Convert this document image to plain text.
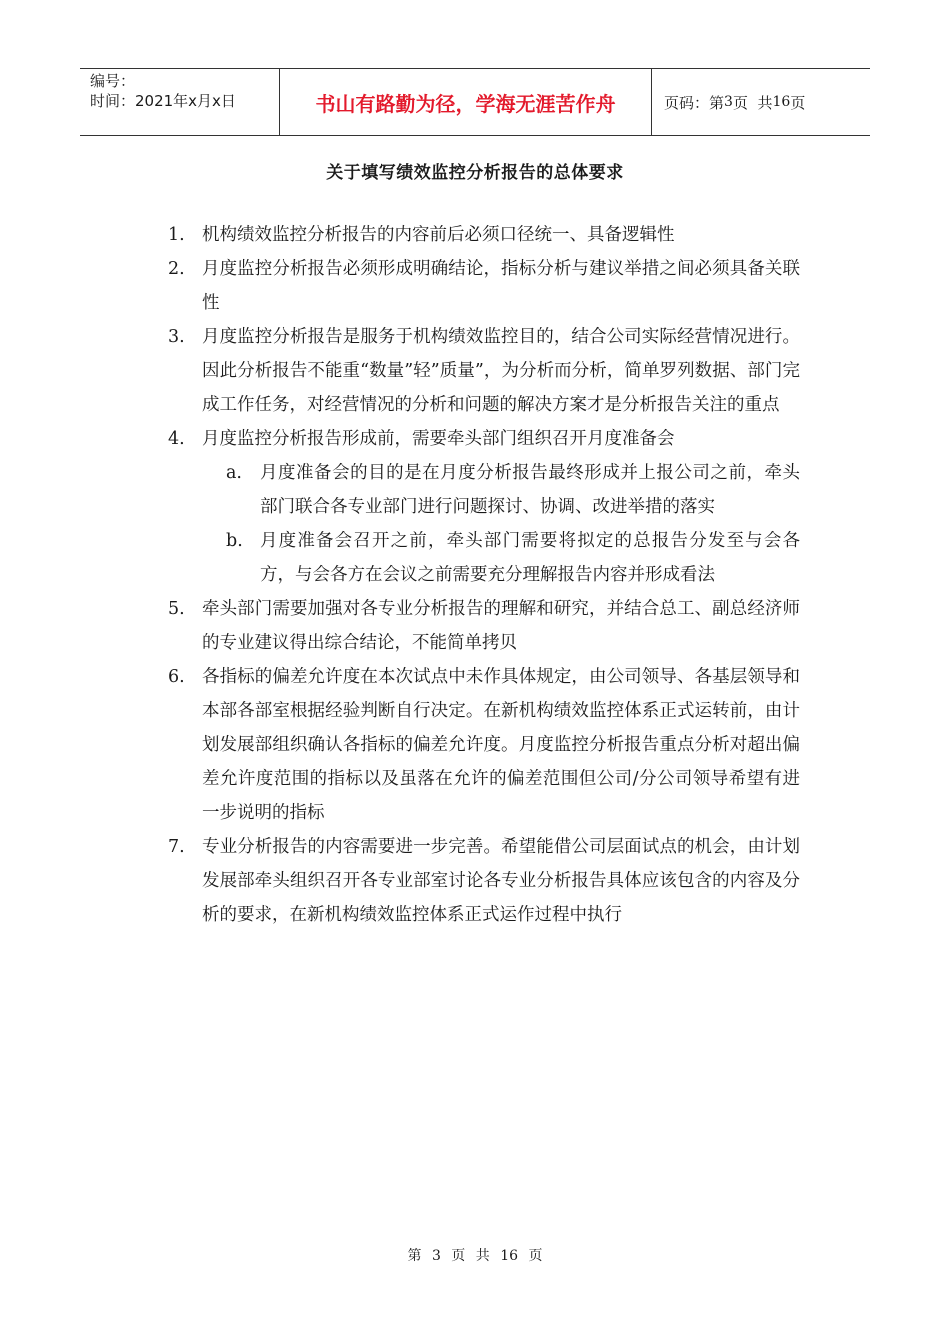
编号：
时间：2021年x月x日	书山有路勤为径，学海无涯苦作舟	页码：第 3 页  共 16 页
关于填写绩效监控分析报告的总体要求
1. 机构绩效监控分析报告的内容前后必须口径统一、具备逻辑性
2. 月度监控分析报告必须形成明确结论，指标分析与建议举措之间必须具备关联性
3. 月度监控分析报告是服务于机构绩效监控目的，结合公司实际经营情况进行。因此分析报告不能重“数量”轻”质量”，为分析而分析，简单罗列数据、部门完成工作任务，对经营情况的分析和问题的解决方案才是分析报告关注的重点
4. 月度监控分析报告形成前，需要牵头部门组织召开月度准备会
a.	月度准备会的目的是在月度分析报告最终形成并上报公司之前，牵头部门联合各专业部门进行问题探讨、协调、改进举措的落实
b. 月度准备会召开之前，牵头部门需要将拟定的总报告分发至与会各方，与会各方在会议之前需要充分理解报告内容并形成看法
5. 牵头部门需要加强对各专业分析报告的理解和研究，并结合总工、副总经济师的专业建议得出综合结论，不能简单拷贝
6. 各指标的偏差允许度在本次试点中未作具体规定，由公司领导、各基层领导和本部各部室根据经验判断自行决定。在新机构绩效监控体系正式运转前，由计划发展部组织确认各指标的偏差允许度。月度监控分析报告重点分析对超出偏差允许度范围的指标以及虽落在允许的偏差范围但公司/分公司领导希望有进一步说明的指标
7. 专业分析报告的内容需要进一步完善。希望能借公司层面试点的机会，由计划发展部牵头组织召开各专业部室讨论各专业分析报告具体应该包含的内容及分析的要求，在新机构绩效监控体系正式运作过程中执行
第 3 页 共 16 页
